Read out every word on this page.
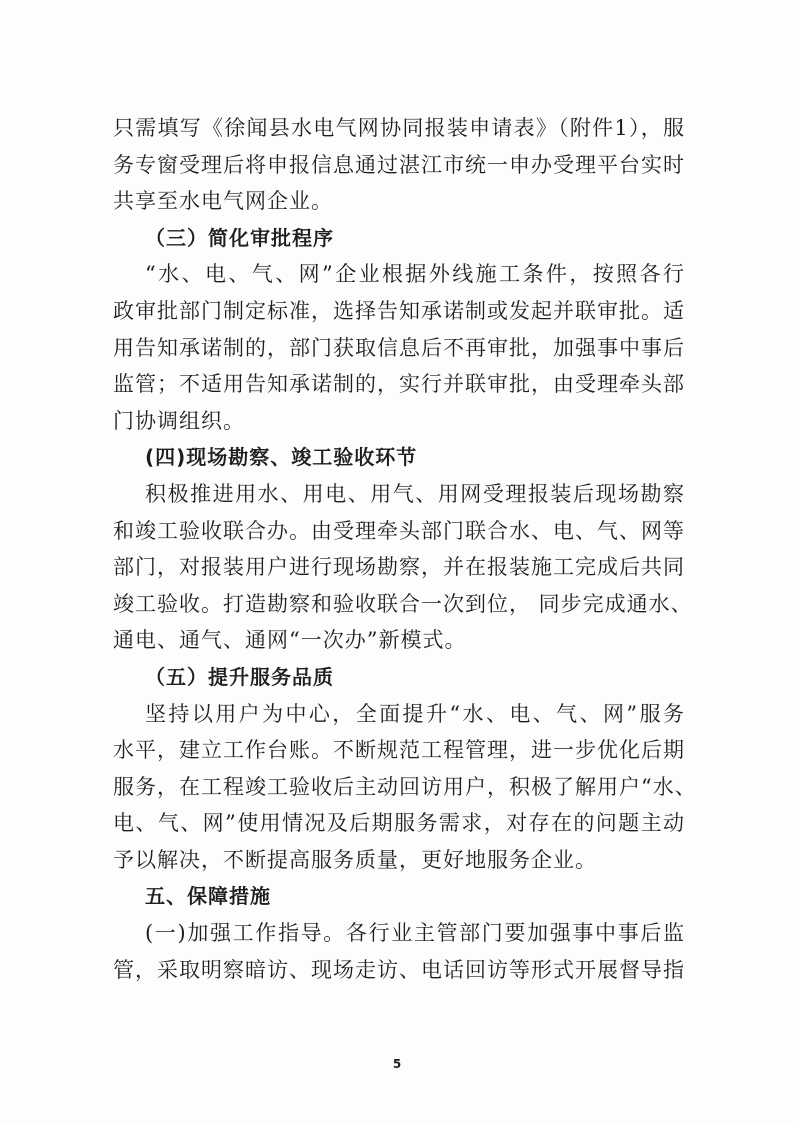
只需填写《徐闻县水电气网协同报装申请表》（附件1），服
务专窗受理后将申报信息通过湛江市统一申办受理平台实时
共享至水电气网企业。
（三）简化审批程序
“水、电、气、网”企业根据外线施工条件，按照各行
政审批部门制定标准，选择告知承诺制或发起并联审批。适
用告知承诺制的，部门获取信息后不再审批，加强事中事后
监管；不适用告知承诺制的，实行并联审批，由受理牵头部
门协调组织。
(四)现场勘察、竣工验收环节
积极推进用水、用电、用气、用网受理报装后现场勘察
和竣工验收联合办。由受理牵头部门联合水、电、气、网等
部门，对报装用户进行现场勘察，并在报装施工完成后共同
竣工验收。打造勘察和验收联合一次到位， 同步完成通水、
通电、通气、通网“一次办”新模式。
（五）提升服务品质
坚持以用户为中心，全面提升“水、电、气、网”服务
水平，建立工作台账。不断规范工程管理，进一步优化后期
服务，在工程竣工验收后主动回访用户，积极了解用户“水、
电、气、网”使用情况及后期服务需求，对存在的问题主动
予以解决，不断提高服务质量，更好地服务企业。
五、保障措施
(一)加强工作指导。各行业主管部门要加强事中事后监
管，采取明察暗访、现场走访、电话回访等形式开展督导指
5
